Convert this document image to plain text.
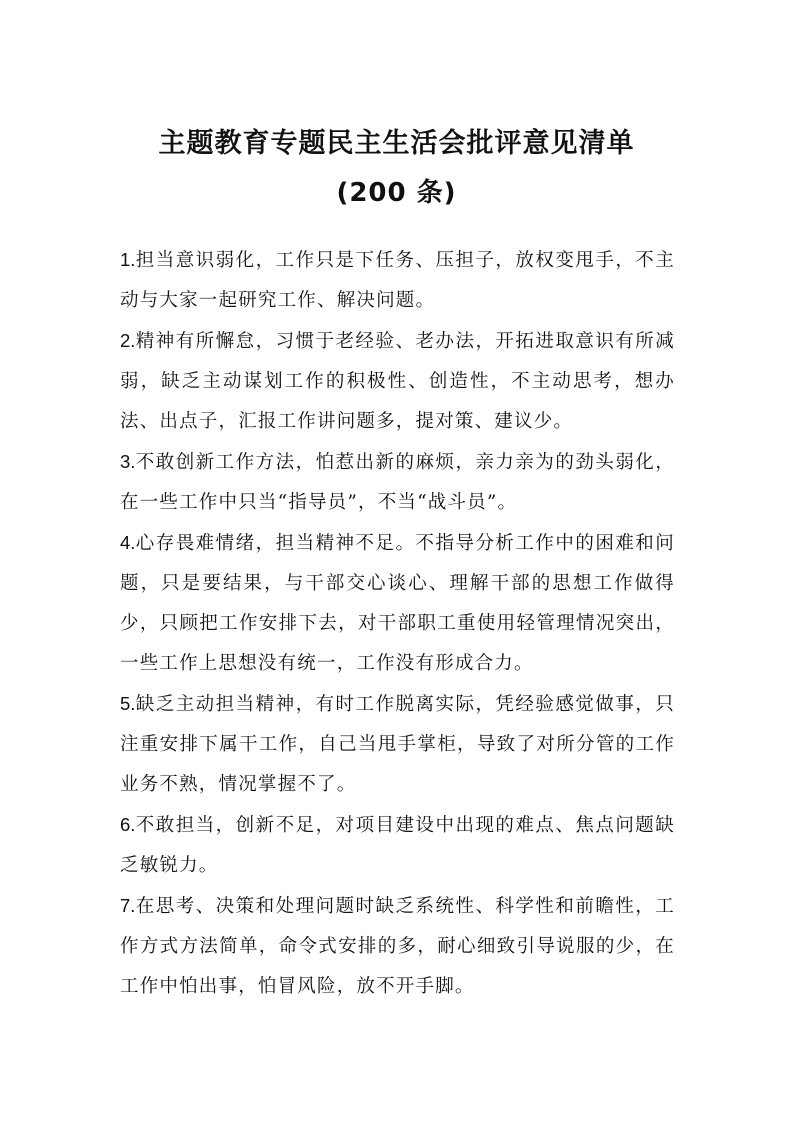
主题教育专题民主生活会批评意见清单
(200 条)

1.担当意识弱化，工作只是下任务、压担子，放权变甩手，不主动与大家一起研究工作、解决问题。

2.精神有所懈怠，习惯于老经验、老办法，开拓进取意识有所减弱，缺乏主动谋划工作的积极性、创造性，不主动思考，想办法、出点子，汇报工作讲问题多，提对策、建议少。

3.不敢创新工作方法，怕惹出新的麻烦，亲力亲为的劲头弱化，在一些工作中只当“指导员”，不当“战斗员”。

4.心存畏难情绪，担当精神不足。不指导分析工作中的困难和问题，只是要结果，与干部交心谈心、理解干部的思想工作做得少，只顾把工作安排下去，对干部职工重使用轻管理情况突出，一些工作上思想没有统一，工作没有形成合力。

5.缺乏主动担当精神，有时工作脱离实际，凭经验感觉做事，只注重安排下属干工作，自己当甩手掌柜，导致了对所分管的工作业务不熟，情况掌握不了。

6.不敢担当，创新不足，对项目建设中出现的难点、焦点问题缺乏敏锐力。

7.在思考、决策和处理问题时缺乏系统性、科学性和前瞻性，工作方式方法简单，命令式安排的多，耐心细致引导说服的少，在工作中怕出事，怕冒风险，放不开手脚。
